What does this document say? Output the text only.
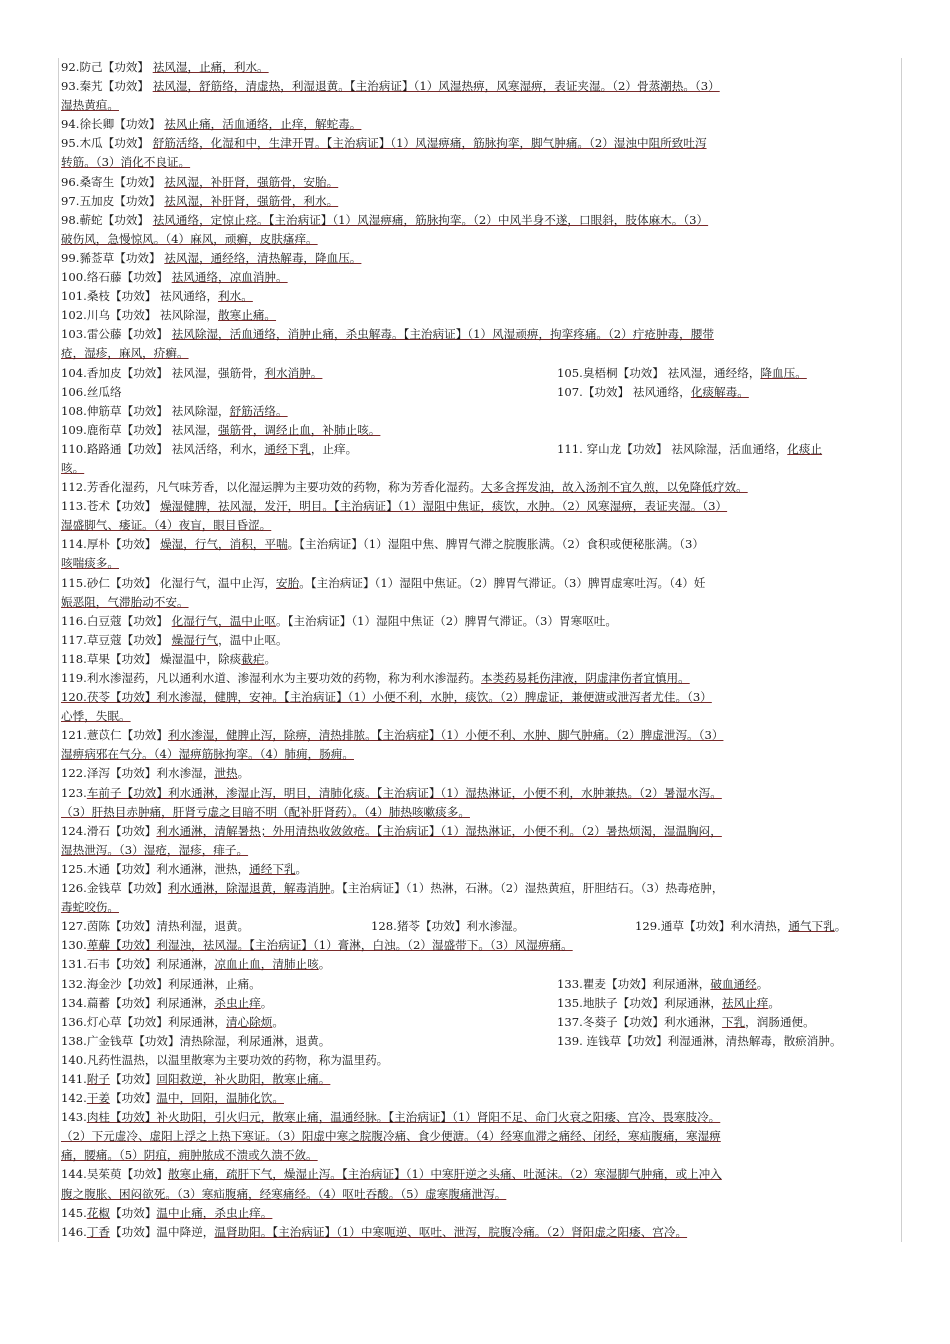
92.防己【功效】 祛风湿，止痛，利水。
93.秦艽【功效】 祛风湿，舒筋络，清虚热，利湿退黄。【主治病证】（1）风湿热痹，风寒湿痹，表证夹湿。（2）骨蒸潮热。（3）
湿热黄疸。
94.徐长卿【功效】 祛风止痛，活血通络，止痒，解蛇毒。
95.木瓜【功效】 舒筋活络，化湿和中，生津开胃。【主治病证】（1）风湿痹痛，筋脉拘挛，脚气肿痛。（2）湿浊中阻所致吐泻
转筋。（3）消化不良证。
96.桑寄生【功效】 祛风湿，补肝肾，强筋骨，安胎。
97.五加皮【功效】 祛风湿，补肝肾，强筋骨，利水。
98.蕲蛇【功效】 祛风通络，定惊止痉。【主治病证】（1）风湿痹痛，筋脉拘挛。（2）中风半身不遂，口眼斜，肢体麻木。（3）
破伤风，急慢惊风。（4）麻风，顽癣，皮肤瘙痒。
99.豨莶草【功效】 祛风湿，通经络，清热解毒，降血压。
100.络石藤【功效】 祛风通络，凉血消肿。
101.桑枝【功效】 祛风通络，利水。
102.川乌【功效】 祛风除湿，散寒止痛。
103.雷公藤【功效】 祛风除湿，活血通络，消肿止痛，杀虫解毒。【主治病证】（1）风湿顽痹，拘挛疼痛。（2）疔疮肿毒，腰带
疮，湿疹，麻风，疥癣。
104.香加皮【功效】 祛风湿，强筋骨，利水消肿。	105.臭梧桐【功效】 祛风湿，通经络，降血压。
106.丝瓜络	107.【功效】 祛风通络，化痰解毒。
108.伸筋草【功效】 祛风除湿，舒筋活络。
109.鹿衔草【功效】 祛风湿，强筋骨，调经止血，补肺止咳。
110.路路通【功效】 祛风活络，利水，通经下乳，止痒。	111. 穿山龙【功效】 祛风除湿，活血通络，化痰止
咳。
112.芳香化湿药，凡气味芳香，以化湿运脾为主要功效的药物，称为芳香化湿药。大多含挥发油，故入汤剂不宜久煎，以免降低疗效。
113.苍术【功效】 燥湿健脾，祛风湿，发汗，明目。【主治病证】（1）湿阻中焦证，痰饮，水肿。（2）风寒湿痹，表证夹湿。（3）
湿盛脚气、痿证。（4）夜盲，眼目昏涩。
114.厚朴【功效】 燥湿，行气，消积，平喘。【主治病证】（1）湿阻中焦、脾胃气滞之脘腹胀满。（2）食积或便秘胀满。（3）
咳喘痰多。
115.砂仁【功效】 化湿行气，温中止泻，安胎。【主治病证】（1）湿阻中焦证。（2）脾胃气滞证。（3）脾胃虚寒吐泻。（4）妊
娠恶阻，气滞胎动不安。
116.白豆蔻【功效】 化湿行气，温中止呕。【主治病证】（1）湿阻中焦证（2）脾胃气滞证。（3）胃寒呕吐。
117.草豆蔻【功效】 燥湿行气，温中止呕。
118.草果【功效】 燥湿温中，除痰截疟。
119.利水渗湿药，凡以通利水道、渗湿利水为主要功效的药物，称为利水渗湿药。本类药易耗伤津液，阴虚津伤者宜慎用。
120.茯苓【功效】利水渗湿，健脾，安神。【主治病证】（1）小便不利，水肿，痰饮。（2）脾虚证，兼便溏或泄泻者尤佳。（3）
心悸，失眠。
121.薏苡仁【功效】利水渗湿，健脾止泻，除痹，清热排脓。【主治病症】（1）小便不利、水肿、脚气肿痛。（2）脾虚泄泻。（3）
湿痹病邪在气分。（4）湿痹筋脉拘挛。（4）肺痈，肠痈。
122.泽泻【功效】利水渗湿，泄热。
123.车前子【功效】利水通淋，渗湿止泻，明目，清肺化痰。【主治病证】（1）湿热淋证，小便不利，水肿兼热。（2）暑湿水泻。
（3）肝热目赤肿痛，肝肾亏虚之目暗不明（配补肝肾药）。（4）肺热咳嗽痰多。
124.滑石【功效】利水通淋，清解暑热；外用清热收敛敛疮。【主治病证】（1）湿热淋证，小便不利。（2）暑热烦渴，湿温胸闷，
湿热泄泻。（3）湿疮，湿疹，痱子。
125.木通【功效】利水通淋，泄热，通经下乳。
126.金钱草【功效】利水通淋，除湿退黄，解毒消肿。【主治病证】（1）热淋，石淋。（2）湿热黄疸，肝胆结石。（3）热毒疮肿，
毒蛇咬伤。
127.茵陈【功效】清热利湿，退黄。	128.猪苓【功效】利水渗湿。	129.通草【功效】利水清热，通气下乳。
130.萆薢【功效】利湿浊，祛风湿。【主治病证】（1）膏淋，白浊。（2）湿盛带下。（3）风湿痹痛。
131.石韦【功效】利尿通淋，凉血止血，清肺止咳。
132.海金沙【功效】利尿通淋，止痛。	133.瞿麦【功效】利尿通淋，破血通经。
134.萹蓄【功效】利尿通淋，杀虫止痒。	135.地肤子【功效】利尿通淋，祛风止痒。
136.灯心草【功效】利尿通淋，清心除烦。	137.冬葵子【功效】利水通淋，下乳，润肠通便。
138.广金钱草【功效】清热除湿，利尿通淋，退黄。	139. 连钱草【功效】利湿通淋，清热解毒，散瘀消肿。
140.凡药性温热，以温里散寒为主要功效的药物，称为温里药。
141.附子【功效】回阳救逆，补火助阳，散寒止痛。
142.干姜【功效】温中，回阳，温肺化饮。
143.肉桂【功效】补火助阳，引火归元，散寒止痛，温通经脉。【主治病证】（1）肾阳不足、命门火衰之阳痿、宫冷、畏寒肢冷。
（2）下元虚冷、虚阳上浮之上热下寒证。（3）阳虚中寒之脘腹冷痛、食少便溏。（4）经寒血滞之痛经、闭经，寒疝腹痛，寒湿痹
痛，腰痛。（5）阴疽，痈肿脓成不溃或久溃不敛。
144.吴茱萸【功效】散寒止痛，疏肝下气，燥湿止泻。【主治病证】（1）中寒肝逆之头痛、吐涎沫。（2）寒湿脚气肿痛，或上冲入
腹之腹胀、困闷欲死。（3）寒疝腹痛，经寒痛经。（4）呕吐吞酸。（5）虚寒腹痛泄泻。
145.花椒【功效】温中止痛，杀虫止痒。
146.丁香【功效】温中降逆，温肾助阳。【主治病证】（1）中寒呃逆、呕吐、泄泻，脘腹冷痛。（2）肾阳虚之阳痿、宫冷。
